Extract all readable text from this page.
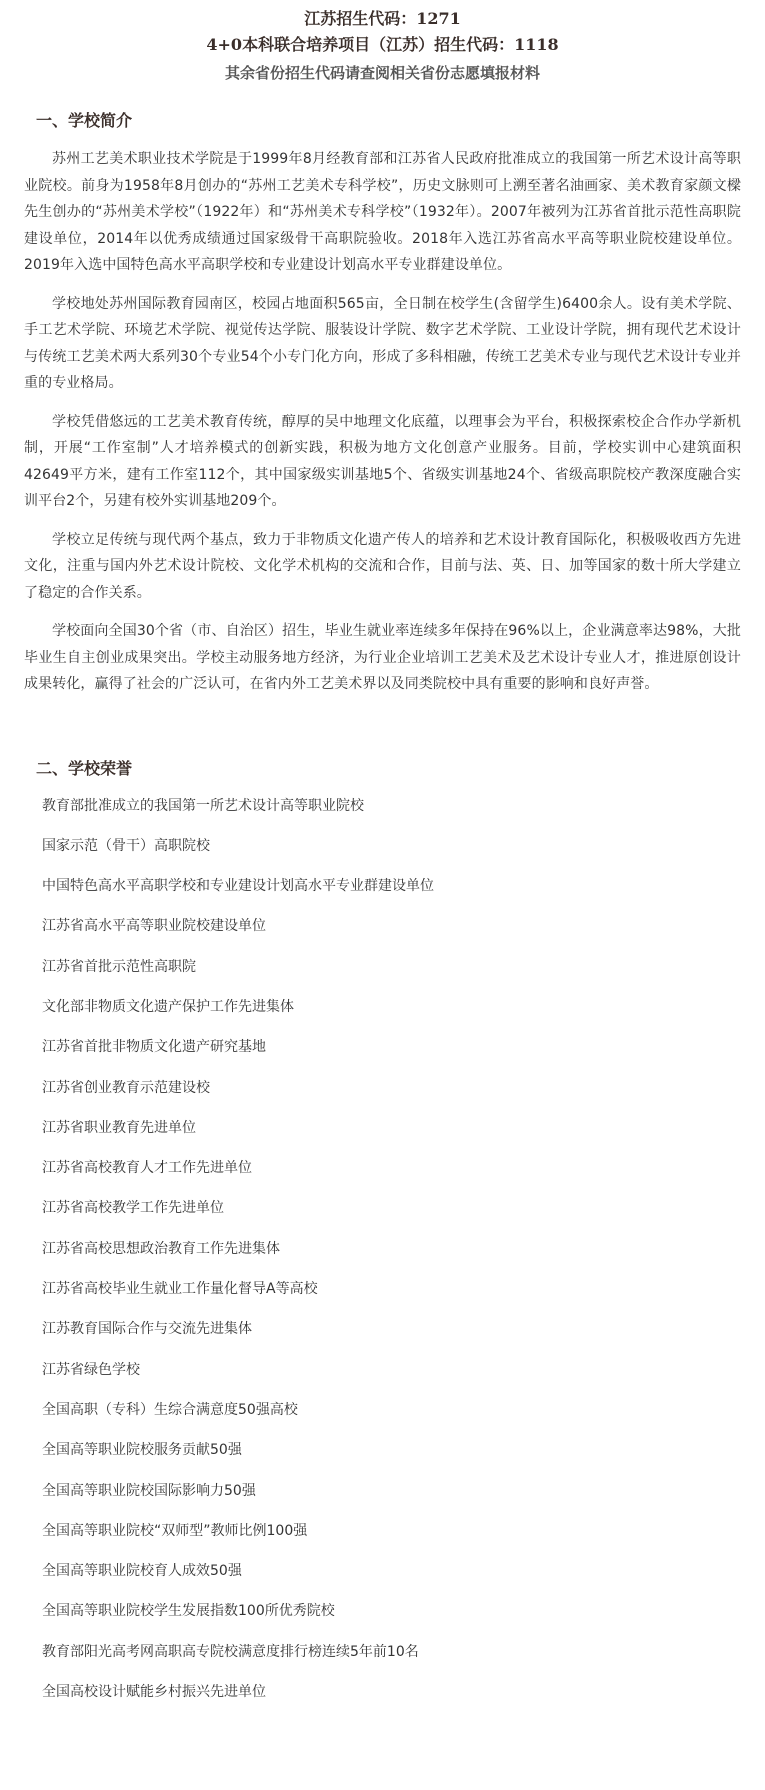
江苏招生代码：1271
4+0本科联合培养项目（江苏）招生代码：1118
其余省份招生代码请查阅相关省份志愿填报材料
一、学校简介

苏州工艺美术职业技术学院是于1999年8月经教育部和江苏省人民政府批准成立的我国第一所艺术设计高等职业院校。前身为1958年8月创办的“苏州工艺美术专科学校”，历史文脉则可上溯至著名油画家、美术教育家颜文樑先生创办的“苏州美术学校”（1922年）和“苏州美术专科学校”（1932年）。2007年被列为江苏省首批示范性高职院建设单位，2014年以优秀成绩通过国家级骨干高职院验收。2018年入选江苏省高水平高等职业院校建设单位。2019年入选中国特色高水平高职学校和专业建设计划高水平专业群建设单位。

学校地处苏州国际教育园南区，校园占地面积565亩，全日制在校学生(含留学生)6400余人。设有美术学院、手工艺术学院、环境艺术学院、视觉传达学院、服装设计学院、数字艺术学院、工业设计学院，拥有现代艺术设计与传统工艺美术两大系列30个专业54个小专门化方向，形成了多科相融，传统工艺美术专业与现代艺术设计专业并重的专业格局。

学校凭借悠远的工艺美术教育传统，醇厚的吴中地理文化底蕴，以理事会为平台，积极探索校企合作办学新机制，开展“工作室制”人才培养模式的创新实践，积极为地方文化创意产业服务。目前，学校实训中心建筑面积42649平方米，建有工作室112个，其中国家级实训基地5个、省级实训基地24个、省级高职院校产教深度融合实训平台2个，另建有校外实训基地209个。

学校立足传统与现代两个基点，致力于非物质文化遗产传人的培养和艺术设计教育国际化，积极吸收西方先进文化，注重与国内外艺术设计院校、文化学术机构的交流和合作，目前与法、英、日、加等国家的数十所大学建立了稳定的合作关系。

学校面向全国30个省（市、自治区）招生，毕业生就业率连续多年保持在96%以上，企业满意率达98%，大批毕业生自主创业成果突出。学校主动服务地方经济，为行业企业培训工艺美术及艺术设计专业人才，推进原创设计成果转化，赢得了社会的广泛认可，在省内外工艺美术界以及同类院校中具有重要的影响和良好声誉。

二、学校荣誉
教育部批准成立的我国第一所艺术设计高等职业院校
国家示范（骨干）高职院校
中国特色高水平高职学校和专业建设计划高水平专业群建设单位
江苏省高水平高等职业院校建设单位
江苏省首批示范性高职院
文化部非物质文化遗产保护工作先进集体
江苏省首批非物质文化遗产研究基地
江苏省创业教育示范建设校
江苏省职业教育先进单位
江苏省高校教育人才工作先进单位
江苏省高校教学工作先进单位
江苏省高校思想政治教育工作先进集体
江苏省高校毕业生就业工作量化督导A等高校
江苏教育国际合作与交流先进集体
江苏省绿色学校
全国高职（专科）生综合满意度50强高校
全国高等职业院校服务贡献50强
全国高等职业院校国际影响力50强
全国高等职业院校“双师型”教师比例100强
全国高等职业院校育人成效50强
全国高等职业院校学生发展指数100所优秀院校
教育部阳光高考网高职高专院校满意度排行榜连续5年前10名
全国高校设计赋能乡村振兴先进单位
